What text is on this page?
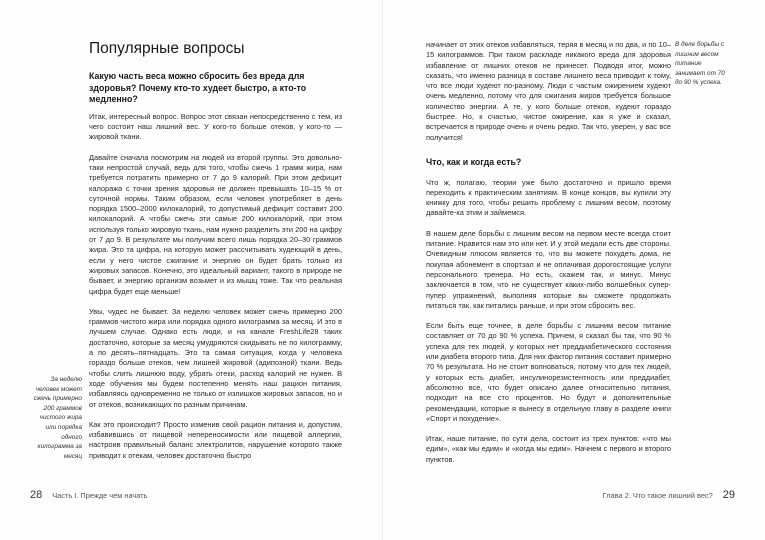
Популярные вопросы
Какую часть веса можно сбросить без вреда для здоровья? Почему кто-то худеет быстро, а кто-то медленно?

Итак, интересный вопрос. Вопрос этот связан непосредственно с тем, из чего состоит наш лишний вес. У кого-то больше отеков, у кого-то — жировой ткани.

Давайте сначала посмотрим на людей из второй группы. Это довольно-таки непростой случай, ведь для того, чтобы сжечь 1 грамм жира, нам требуется потратить примерно от 7 до 9 калорий. При этом дефицит калоража с точки зрения здоровья не должен превышать 10–15 % от суточной нормы. Таким образом, если человек употребляет в день порядка 1500–2000 килокалорий, то допустимый дефицит составит 200 килокалорий. А чтобы сжечь эти самые 200 килокалорий, при этом используя только жировую ткань, нам нужно разделить эти 200 на цифру от 7 до 9. В результате мы получим всего лишь порядка 20–30 граммов жира. Это та цифра, на которую может рассчитывать худеющий в день, если у него чистое сжигание и энергию он будет брать только из жировых запасов. Конечно, это идеальный вариант, такого в природе не бывает, и энергию организм возьмет и из мышц тоже. Так что реальная цифра будет еще меньше!

Увы, чудес не бывает. За неделю человек может сжечь примерно 200 граммов чистого жира или порядка одного килограмма за месяц. И это в лучшем случае. Однако есть люди, и на канале FreshLife28 таких достаточно, которые за месяц умудряются скидывать не по килограмму, а по десять–пятнадцать. Это та самая ситуация, когда у человека гораздо больше отеков, чем лишней жировой (адипозной) ткани. Ведь чтобы слить лишнюю воду, убрать отеки, расход калорий не нужен. В ходе обучения мы будем постепенно менять наш рацион питания, избавляясь одновременно не только от излишков жировых запасов, но и от отеков, возникающих по разным причинам.

Как это происходит? Просто изменив свой рацион питания и, допустим, избавившись от пищевой непереносимости или пищевой аллергии, настроив правильный баланс электролитов, нарушение которого также приводит к отекам, человек достаточно быстро

За неделю человек может сжечь примерно 200 граммов чистого жира или порядка одного килограмма за месяц
28 Часть I. Прежде чем начать

начинает от этих отеков избавляться, теряя в месяц и по два, и по 10–15 килограммов. При таком раскладе никакого вреда для здоровья избавление от лишних отеков не принесет. Подводя итог, можно сказать, что именно разница в составе лишнего веса приводит к тому, что все люди худеют по-разному. Люди с частым ожирением худеют очень медленно, потому что для сжигания жиров требуется большое количество энергии. А те, у кого больше отеков, худеют гораздо быстрее. Но, к счастью, чистое ожирение, как я уже и сказал, встречается в природе очень и очень редко. Так что, уверен, у вас все получится!

Что, как и когда есть?

Что ж, полагаю, теории уже было достаточно и пришло время переходить к практическим занятиям. В конце концов, вы купили эту книжку для того, чтобы решить проблему с лишним весом, поэтому давайте-ка этим и займемся.

В нашем деле борьбы с лишним весом на первом месте всегда стоит питание. Нравится нам это или нет. И у этой медали есть две стороны. Очевидным плюсом является то, что вы можете похудеть дома, не покупая абонемент в спортзал и не оплачивая дорогостоящие услуги персонального тренера. Но есть, скажем так, и минус. Минус заключается в том, что не существует каких-либо волшебных супер-пупер упражнений, выполняя которые вы сможете продолжать питаться так, как питались раньше, и при этом сбросить вес.

Если быть еще точнее, в деле борьбы с лишним весом питание составляет от 70 до 90 % успеха. Причем, я сказал бы так, что 90 % успеха для тех людей, у которых нет преддиабетического состояния или диабета второго типа. Для них фактор питания составит примерно 70 % результата. Но не стоит волноваться, потому что для тех людей, у которых есть диабет, инсулинорезистентность или преддиабет, абсолютно все, что будет описано далее относительно питания, подходит на все сто процентов. Но будут и дополнительные рекомендации, которые я вынесу в отдельную главу в разделе книги «Спорт и похудение».

Итак, наше питание, по сути дела, состоит из трех пунктов: «что мы едим», «как мы едим» и «когда мы едим». Начнем с первого и второго пунктов.

В деле борьбы с лишним весом питание занимает от 70 до 90 % успеха.
Глава 2. Что такое лишний вес? 29
